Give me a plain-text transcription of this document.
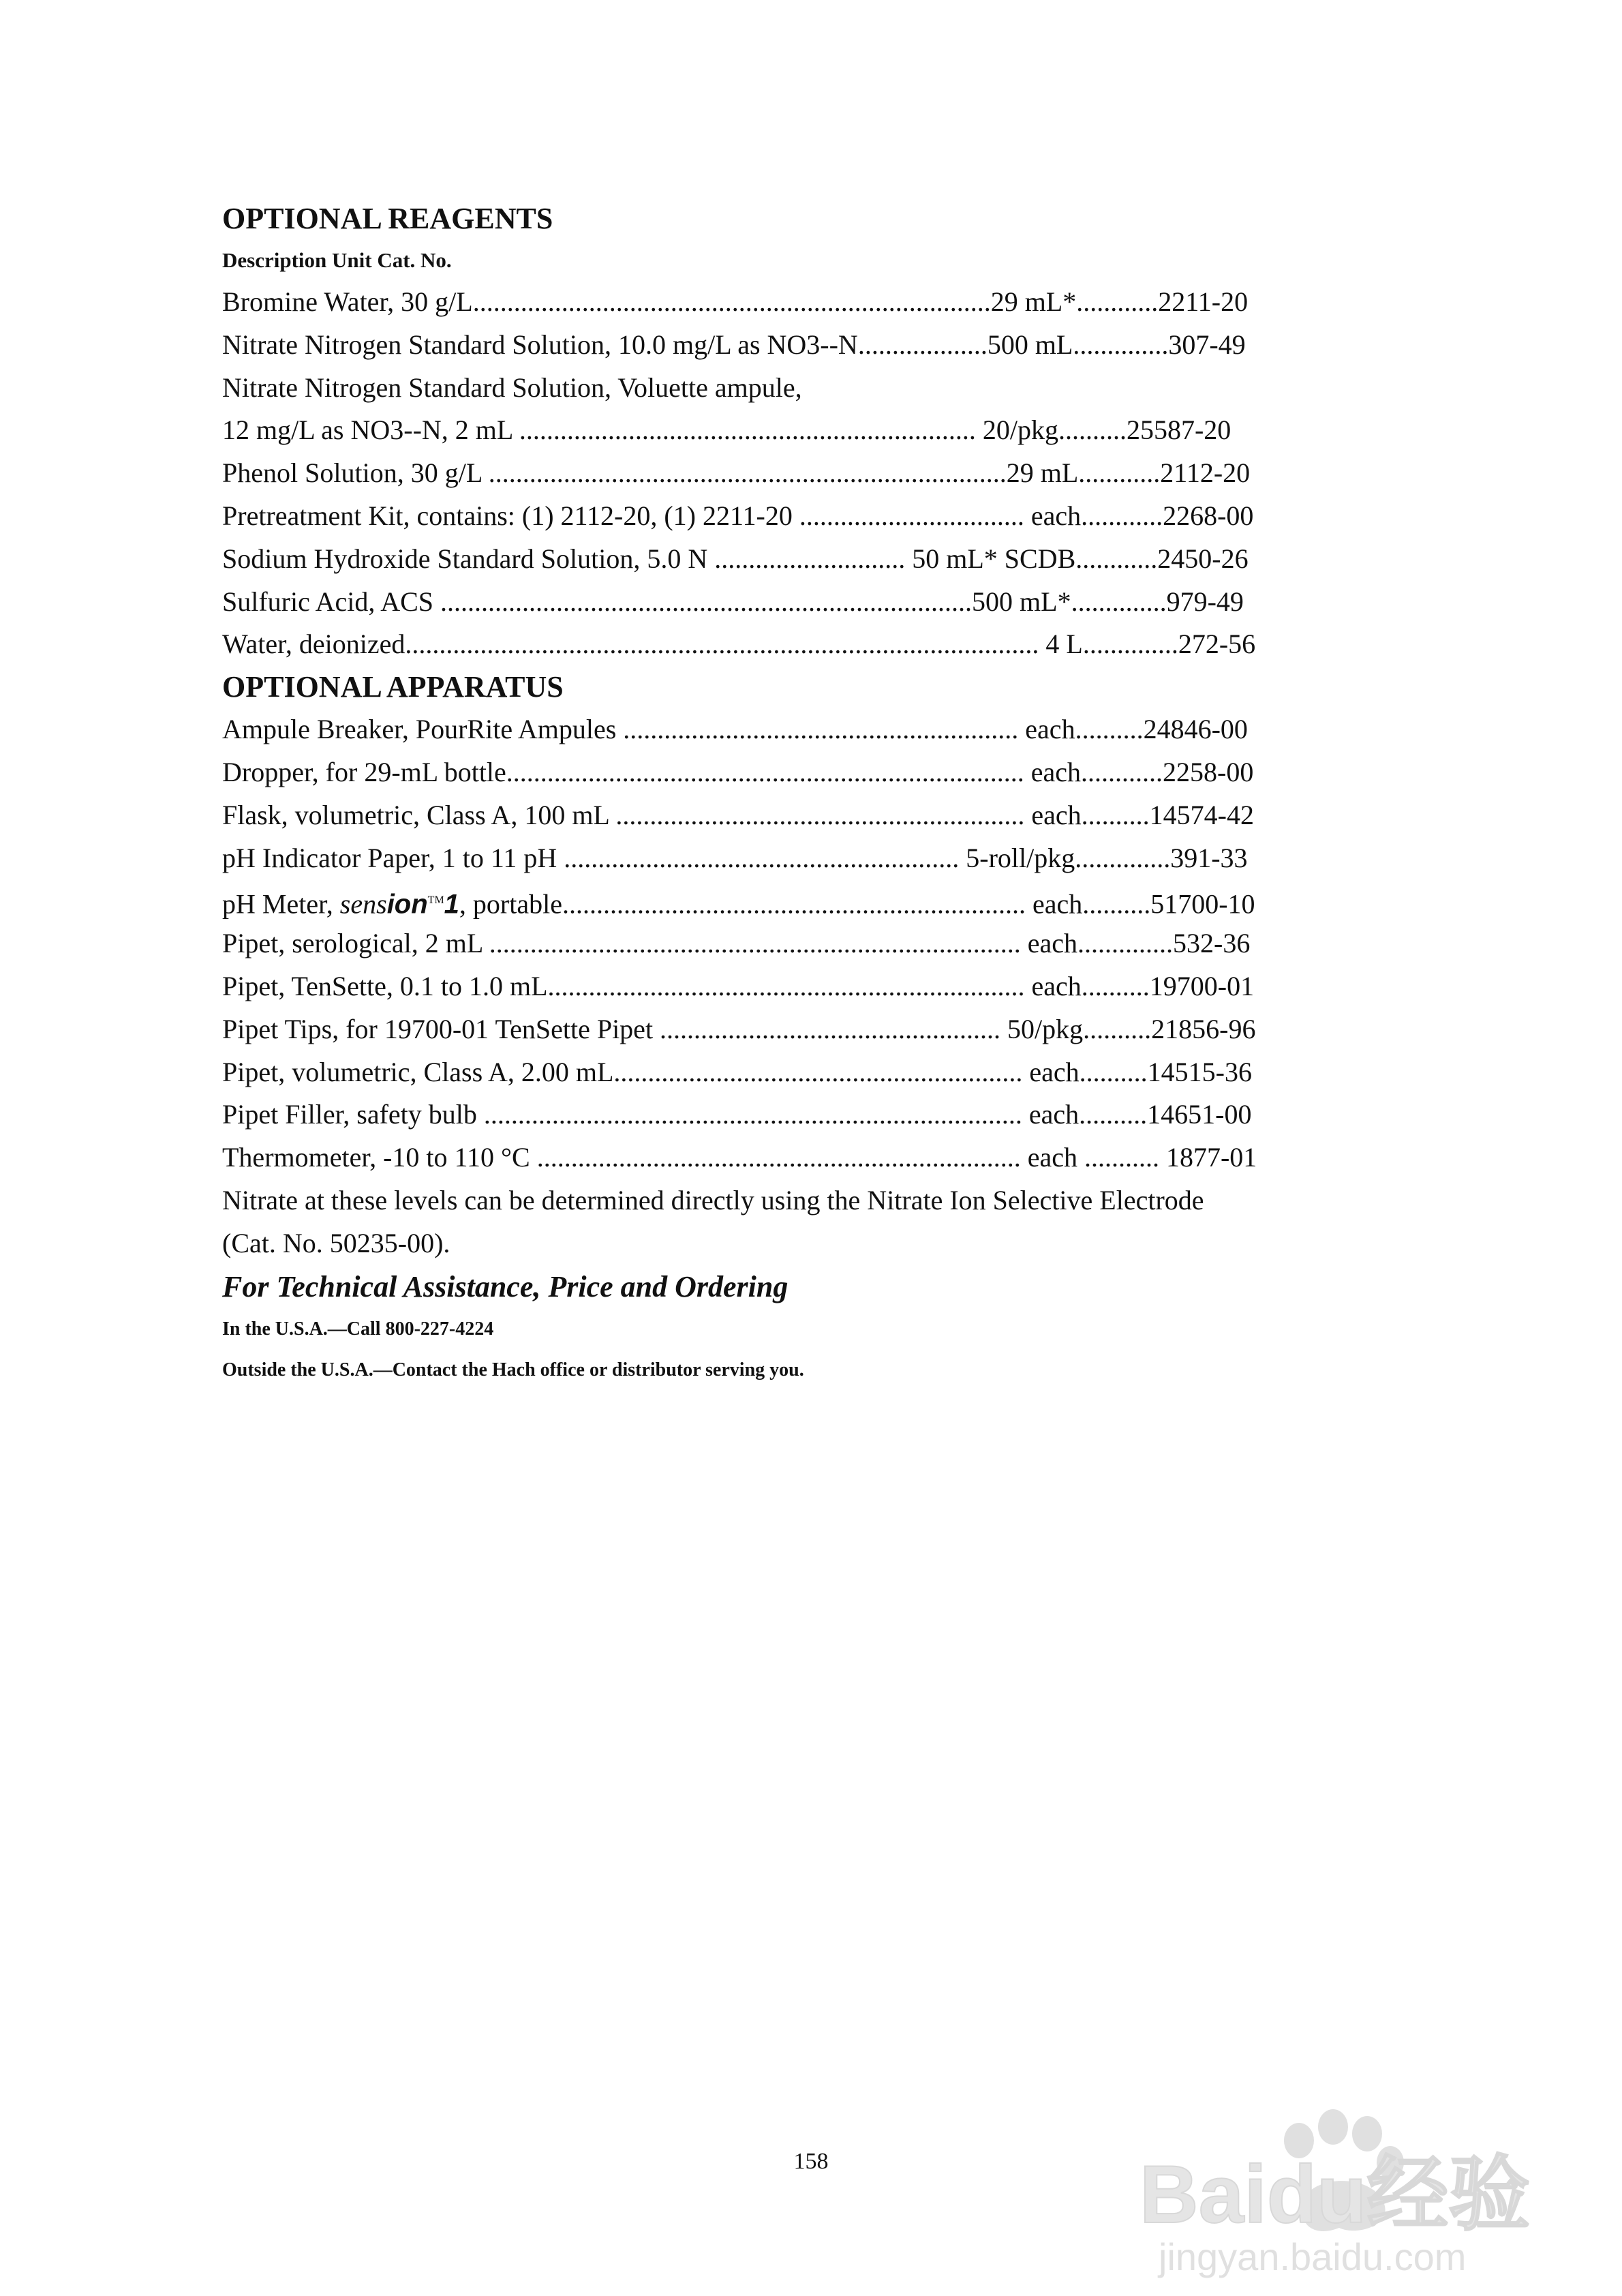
OPTIONAL REAGENTS
Description Unit Cat. No.
Bromine Water, 30 g/L............................................................................29 mL*............2211-20
Nitrate Nitrogen Standard Solution, 10.0 mg/L as NO3--N...................500 mL..............307-49
Nitrate Nitrogen Standard Solution, Voluette ampule,
12 mg/L as NO3--N, 2 mL ................................................................... 20/pkg..........25587-20
Phenol Solution, 30 g/L ............................................................................29 mL............2112-20
Pretreatment Kit, contains: (1) 2112-20, (1) 2211-20 ................................. each............2268-00
Sodium Hydroxide Standard Solution, 5.0 N ............................ 50 mL* SCDB............2450-26
Sulfuric Acid, ACS ..............................................................................500 mL*..............979-49
Water, deionized............................................................................................. 4 L..............272-56
OPTIONAL APPARATUS
Ampule Breaker, PourRite Ampules .......................................................... each..........24846-00
Dropper, for 29-mL bottle............................................................................ each............2258-00
Flask, volumetric, Class A, 100 mL ............................................................ each..........14574-42
pH Indicator Paper, 1 to 11 pH .......................................................... 5-roll/pkg..............391-33
pH Meter, sension™1, portable.................................................................... each..........51700-10
Pipet, serological, 2 mL .............................................................................. each..............532-36
Pipet, TenSette, 0.1 to 1.0 mL...................................................................... each..........19700-01
Pipet Tips, for 19700-01 TenSette Pipet .................................................. 50/pkg..........21856-96
Pipet, volumetric, Class A, 2.00 mL............................................................ each..........14515-36
Pipet Filler, safety bulb ............................................................................... each..........14651-00
Thermometer, -10 to 110 °C ....................................................................... each ........... 1877-01
Nitrate at these levels can be determined directly using the Nitrate Ion Selective Electrode
(Cat. No. 50235-00).
For Technical Assistance, Price and Ordering
In the U.S.A.—Call 800-227-4224
Outside the U.S.A.—Contact the Hach office or distributor serving you.
158	Baidu经验
jingyan.baidu.com
